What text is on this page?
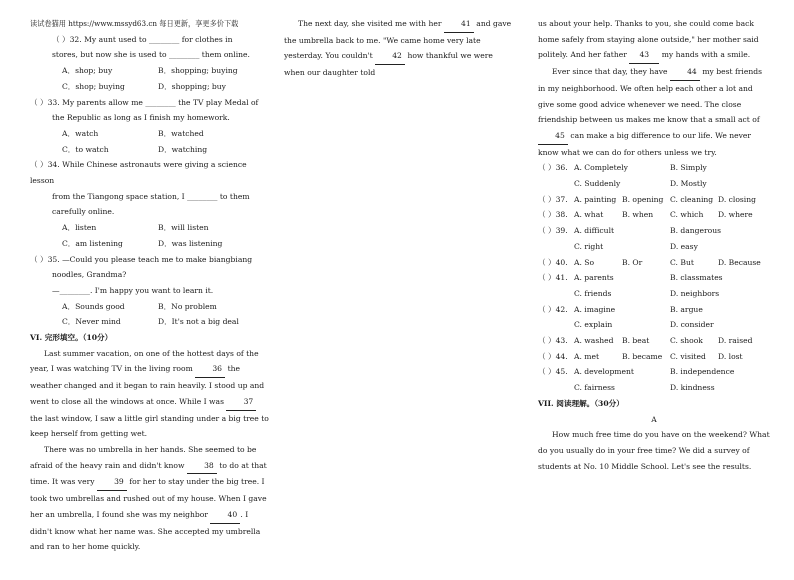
读试卷猫用 https://www.mssyd63.cn 每日更新，享更多价下载
（ ）32. My aunt used to ________ for clothes in
stores, but now she is used to ________ them online.
A．shop; buy	B．shopping; buying
C．shop; buying	D．shopping; buy
（ ）33. My parents allow me ________ the TV play Medal of
the Republic as long as I finish my homework.
A．watch	B．watched
C．to watch	D．watching
（ ）34. While Chinese astronauts were giving a science lesson
from the Tiangong space station, I ________ to them
carefully online.
A．listen	B．will listen
C．am listening	D．was listening
（ ）35. —Could you please teach me to make biangbiang
noodles, Grandma?
—________. I'm happy you want to learn it.
A．Sounds good	B．No problem
C．Never mind	D．It's not a big deal
VI. 完形填空。（10分）
Last summer vacation, on one of the hottest days of the year, I was watching TV in the living room 36 the weather changed and it began to rain heavily. I stood up and went to close all the windows at once. While I was 37 the last window, I saw a little girl standing under a big tree to keep herself from getting wet.
There was no umbrella in her hands. She seemed to be afraid of the heavy rain and didn't know 38 to do at that time. It was very 39 for her to stay under the big tree. I took two umbrellas and rushed out of my house. When I gave her an umbrella, I found she was my neighbor 40 . I didn't know what her name was. She accepted my umbrella and ran to her home quickly.
The next day, she visited me with her 41 and gave the umbrella back to me. "We came home very late yesterday. You couldn't 42 how thankful we were when our daughter told
us about your help. Thanks to you, she could come back home safely from staying alone outside," her mother said politely. And her father 43 my hands with a smile.
Ever since that day, they have 44 my best friends in my neighborhood. We often help each other a lot and give some good advice whenever we need. The close friendship between us makes me know that a small act of 45 can make a big difference to our life. We never know what we can do for others unless we try.
（ ）36. A. Completely	B. Simply
C. Suddenly	D. Mostly
（ ）37. A. painting B. opening C. cleaning D. closing
（ ）38. A. what	B. when	C. which	D. where
（ ）39. A. difficult	B. dangerous
C. right	D. easy
（ ）40. A. So	B. Or	C. But	D. Because
（ ）41. A. parents	B. classmates
C. friends	D. neighbors
（ ）42. A. imagine	B. argue
C. explain	D. consider
（ ）43. A. washed	B. beat	C. shook	D. raised
（ ）44. A. met	B. became	C. visited	D. lost
（ ）45. A. development	B. independence
C. fairness	D. kindness
VII. 阅读理解。（30分）
A
How much free time do you have on the weekend? What do you usually do in your free time? We did a survey of students at No. 10 Middle School. Let's see the results.
